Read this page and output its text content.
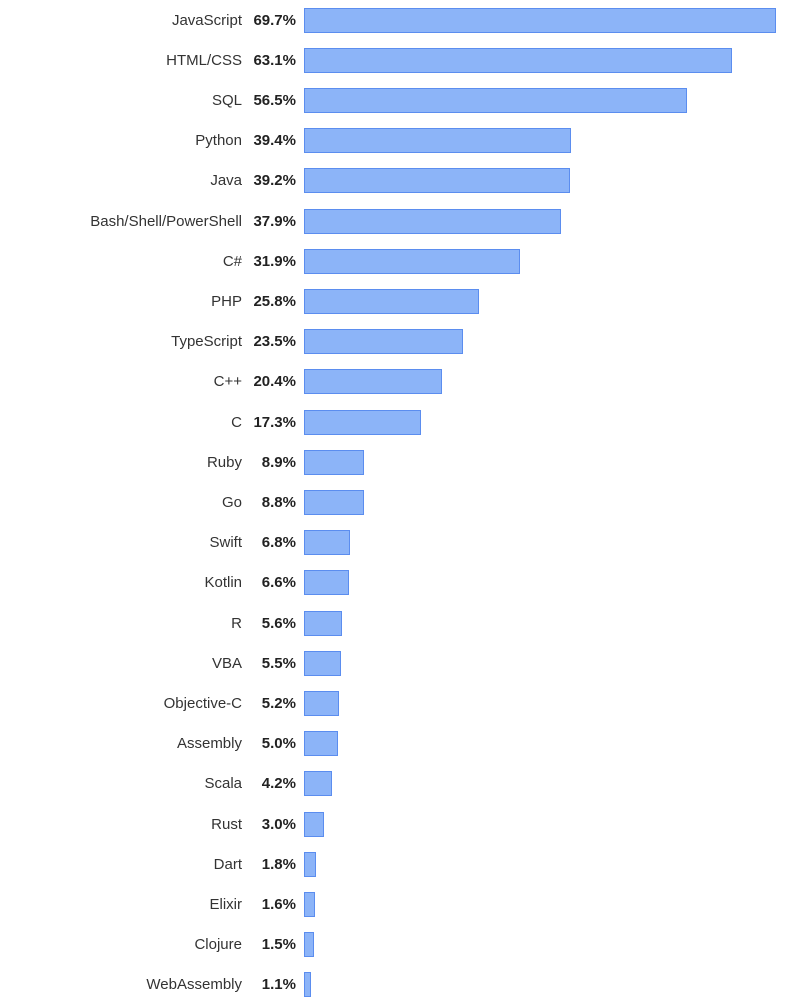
JavaScript 69.7%
HTML/CSS 63.1%
SQL 56.5%
Python 39.4%
Java 39.2%
Bash/Shell/PowerShell 37.9%
C# 31.9%
PHP 25.8%
TypeScript 23.5%
C++ 20.4%
C 17.3%
Ruby	8.9%
Go	8.8%
Swift	6.8%
Kotlin	6.6%
R	5.6%
VBA	5.5%
Objective-C	5.2%
Assembly	5.0%
Scala	4.2%
Rust	3.0%
Dart	1.8%
Elixir	1.6%
Clojure	1.5%
WebAssembly	1.1%
